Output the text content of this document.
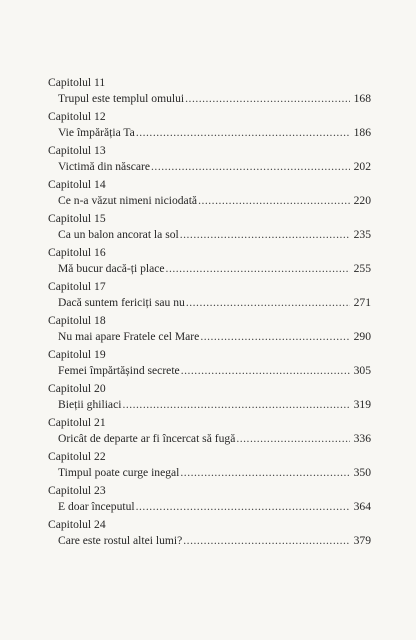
Capitolul 11
Trupul este templul omului .....	168
Capitolul 12
Vie împărăția Ta .....	186
Capitolul 13
Victimă din născare .....	202
Capitolul 14
Ce n-a văzut nimeni niciodată .....	220
Capitolul 15
Ca un balon ancorat la sol .....	235
Capitolul 16
Mă bucur dacă-ți place .....	255
Capitolul 17
Dacă suntem fericiți sau nu .....	271
Capitolul 18
Nu mai apare Fratele cel Mare .....	290
Capitolul 19
Femei împărtășind secrete .....	305
Capitolul 20
Bieții ghiliaci .....	319
Capitolul 21
Oricât de departe ar fi încercat să fugă .....	336
Capitolul 22
Timpul poate curge inegal .....	350
Capitolul 23
E doar începutul .....	364
Capitolul 24
Care este rostul altei lumi? .....	379
